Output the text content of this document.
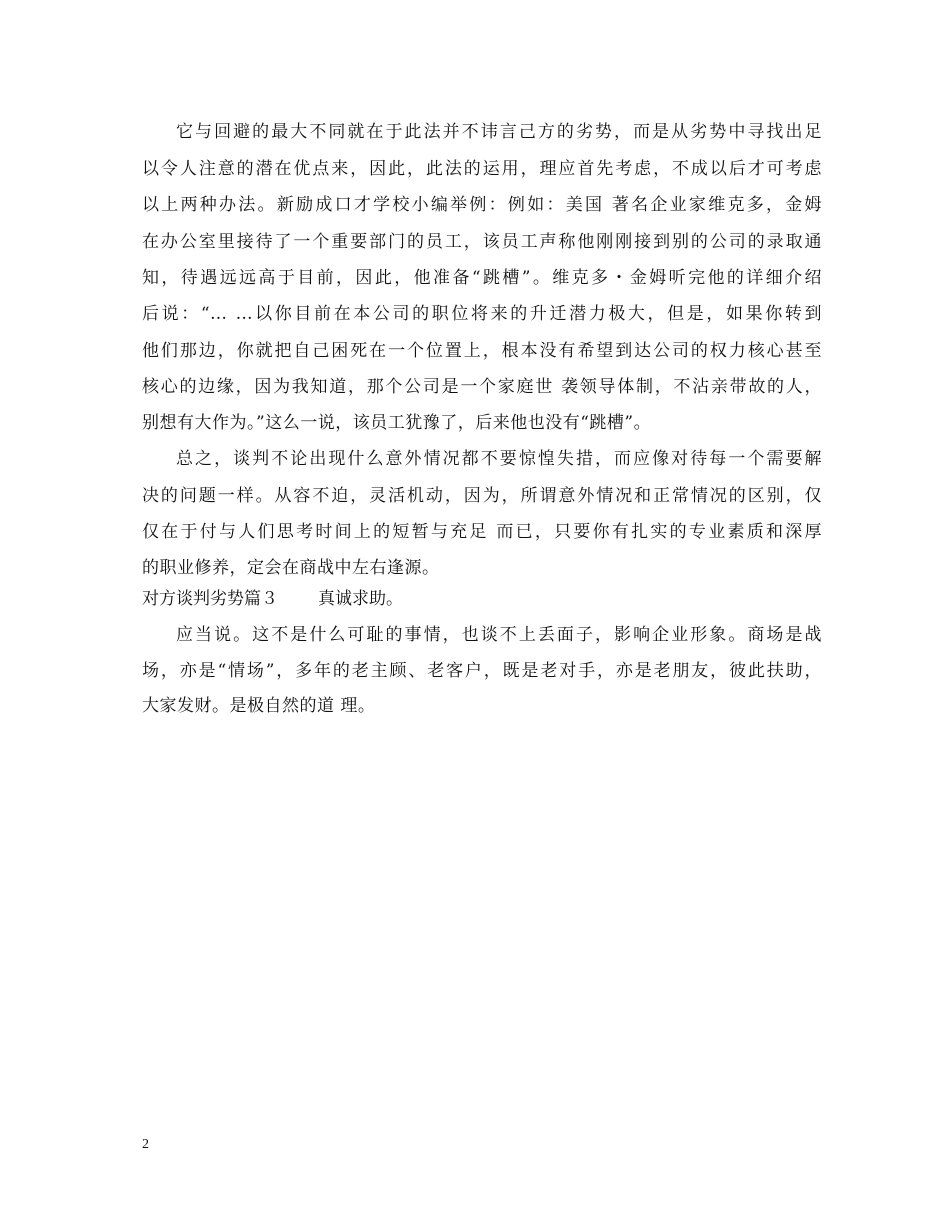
它与回避的最大不同就在于此法并不讳言己方的劣势，而是从劣势中寻找出足
以令人注意的潜在优点来，因此，此法的运用，理应首先考虑，不成以后才可考虑
以上两种办法。新励成口才学校小编举例：例如：美国 著名企业家维克多，金姆
在办公室里接待了一个重要部门的员工，该员工声称他刚刚接到别的公司的录取通
知，待遇远远高于目前，因此，他准备“跳槽”。维克多・金姆听完他的详细介绍
后说：“… …以你目前在本公司的职位将来的升迁潜力极大，但是，如果你转到
他们那边，你就把自己困死在一个位置上，根本没有希望到达公司的权力核心甚至
核心的边缘，因为我知道，那个公司是一个家庭世 袭领导体制，不沾亲带故的人，
别想有大作为。”这么一说，该员工犹豫了，后来他也没有“跳槽”。
总之，谈判不论出现什么意外情况都不要惊惶失措，而应像对待每一个需要解
决的问题一样。从容不迫，灵活机动，因为，所谓意外情况和正常情况的区别，仅
仅在于付与人们思考时间上的短暂与充足 而已，只要你有扎实的专业素质和深厚
的职业修养，定会在商战中左右逢源。
对方谈判劣势篇３ 真诚求助。
应当说。这不是什么可耻的事情，也谈不上丢面子，影响企业形象。商场是战
场，亦是“情场”，多年的老主顾、老客户，既是老对手，亦是老朋友，彼此扶助，
大家发财。是极自然的道 理。
2
